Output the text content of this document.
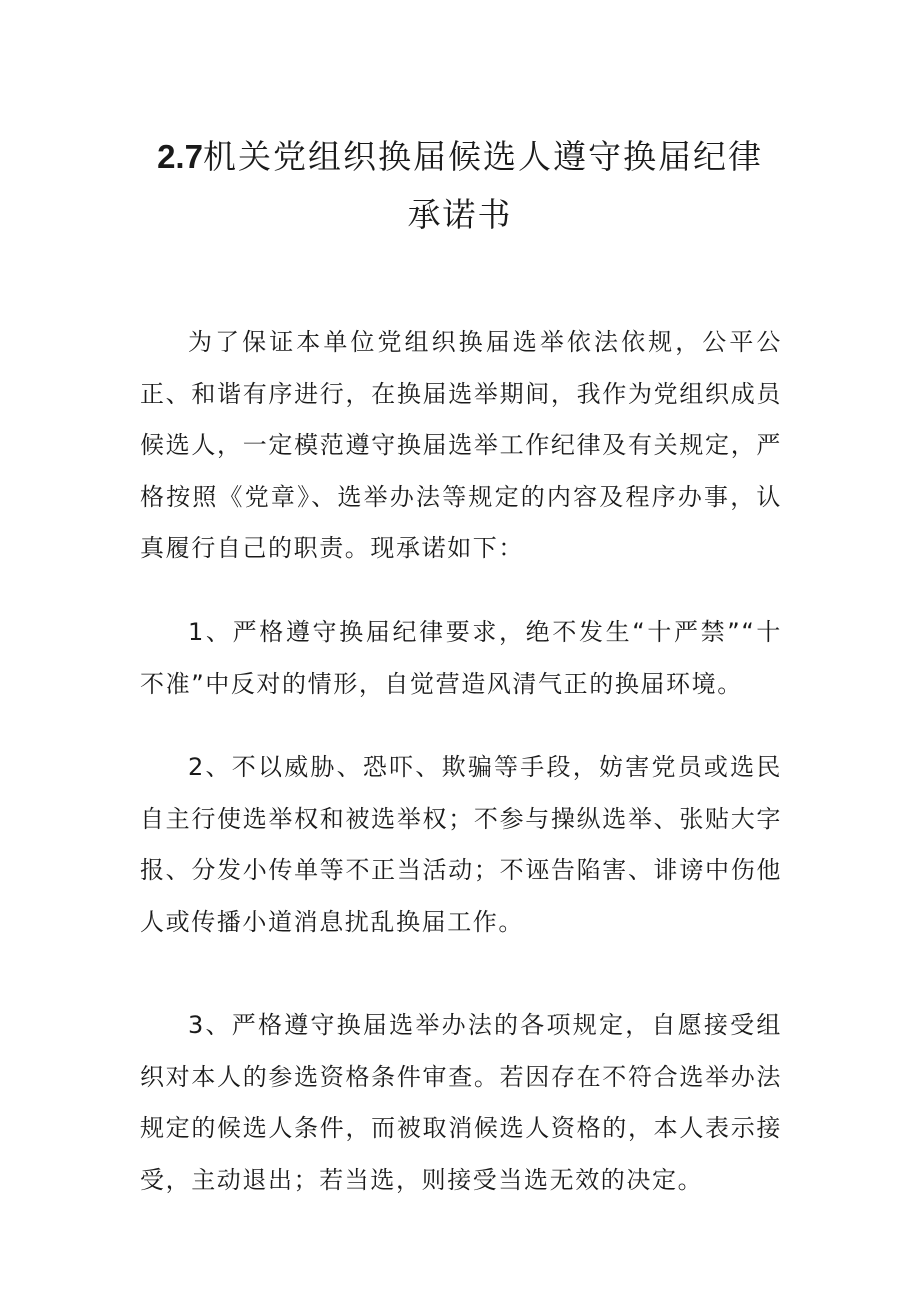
2.7机关党组织换届候选人遵守换届纪律承诺书

为了保证本单位党组织换届选举依法依规，公平公正、和谐有序进行，在换届选举期间，我作为党组织成员候选人，一定模范遵守换届选举工作纪律及有关规定，严格按照《党章》、选举办法等规定的内容及程序办事，认真履行自己的职责。现承诺如下：

1、严格遵守换届纪律要求，绝不发生“十严禁”“十不准”中反对的情形，自觉营造风清气正的换届环境。

2、不以威胁、恐吓、欺骗等手段，妨害党员或选民自主行使选举权和被选举权；不参与操纵选举、张贴大字报、分发小传单等不正当活动；不诬告陷害、诽谤中伤他人或传播小道消息扰乱换届工作。

3、严格遵守换届选举办法的各项规定，自愿接受组织对本人的参选资格条件审查。若因存在不符合选举办法规定的候选人条件，而被取消候选人资格的，本人表示接受，主动退出；若当选，则接受当选无效的决定。
